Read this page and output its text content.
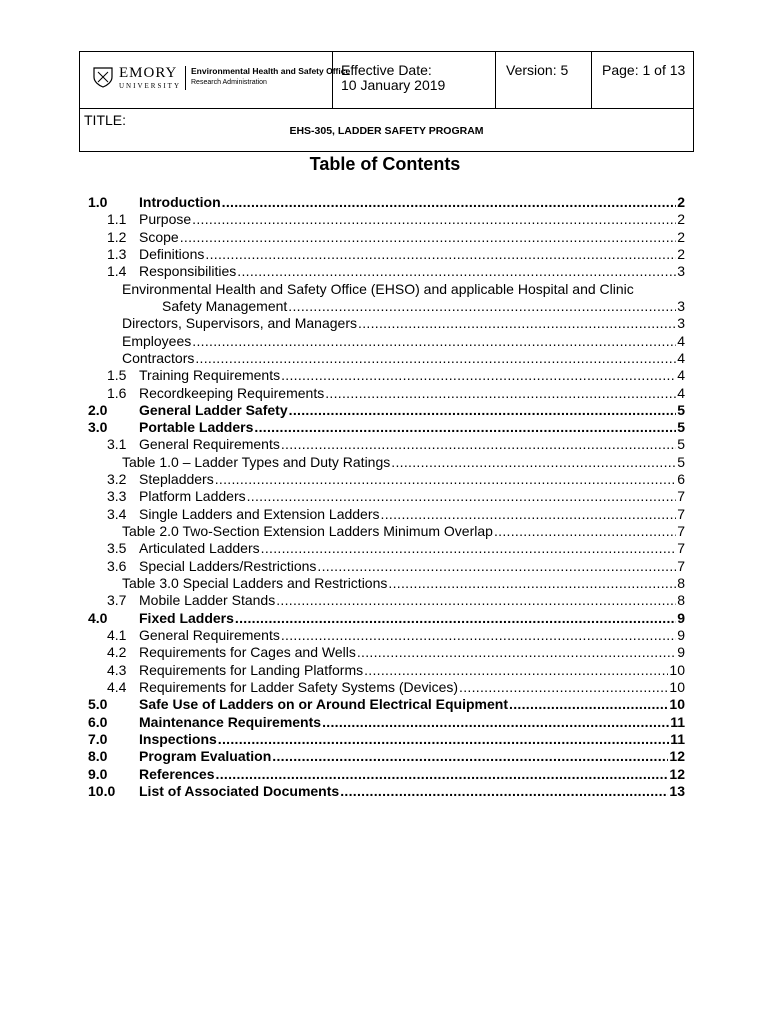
EMORY
UNIVERSITY
Environmental Health and Safety Office
Research Administration
Effective Date:
10 January 2019
Version: 5 Page: 1 of 13
TITLE:
EHS-305, LADDER SAFETY PROGRAM
Table of Contents
1.0 Introduction .....	2
1.1 Purpose .....	2
1.2 Scope .....	2
1.3 Definitions .....	2
1.4 Responsibilities .....	3
Environmental Health and Safety Office (EHSO) and applicable Hospital and Clinic
Safety Management .....	3
Directors, Supervisors, and Managers .....	3
Employees .....	4
Contractors .....	4
1.5 Training Requirements .....	4
1.6 Recordkeeping Requirements .....	4
2.0 General Ladder Safety .....	5
3.0 Portable Ladders .....	5
3.1 General Requirements .....	5
Table 1.0 – Ladder Types and Duty Ratings .....	5
3.2 Stepladders .....	6
3.3 Platform Ladders .....	7
3.4 Single Ladders and Extension Ladders .....	7
Table 2.0 Two-Section Extension Ladders Minimum Overlap .....	7
3.5 Articulated Ladders .....	7
3.6 Special Ladders/Restrictions .....	7
Table 3.0 Special Ladders and Restrictions .....	8
3.7 Mobile Ladder Stands .....	8
4.0 Fixed Ladders .....	9
4.1 General Requirements .....	9
4.2 Requirements for Cages and Wells .....	9
4.3 Requirements for Landing Platforms .....	10
4.4 Requirements for Ladder Safety Systems (Devices) .....	10
5.0 Safe Use of Ladders on or Around Electrical Equipment .....	10
6.0 Maintenance Requirements .....	11
7.0 Inspections .....	11
8.0 Program Evaluation .....	12
9.0 References .....	12
10.0 List of Associated Documents .....	13
